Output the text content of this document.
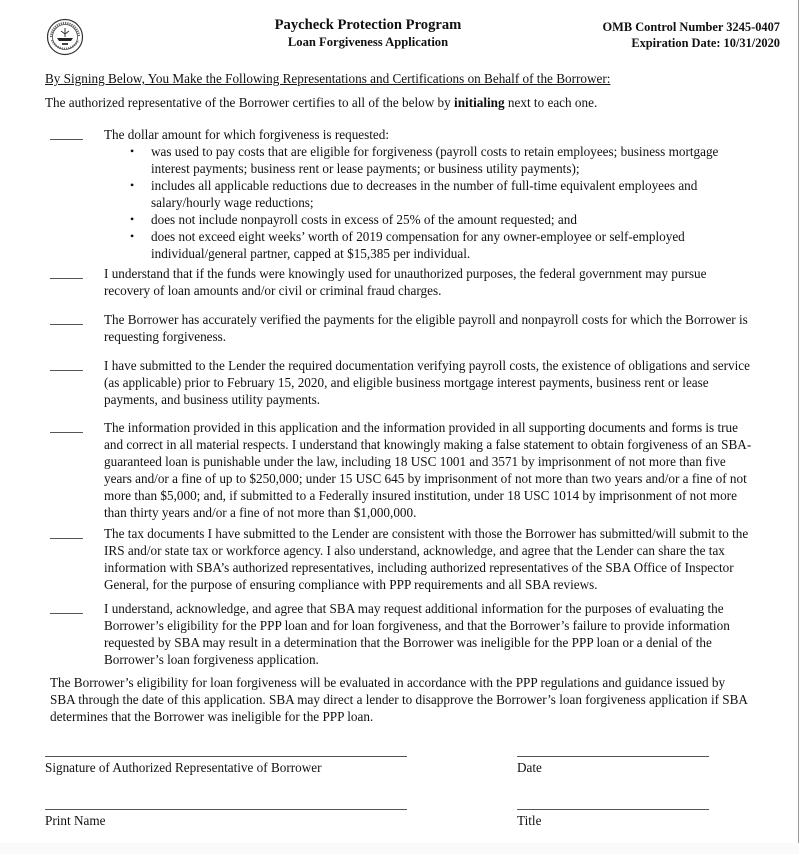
Paycheck Protection Program
Loan Forgiveness Application
OMB Control Number 3245-0407
Expiration Date: 10/31/2020
By Signing Below, You Make the Following Representations and Certifications on Behalf of the Borrower:
The authorized representative of the Borrower certifies to all of the below by initialing next to each one.
The dollar amount for which forgiveness is requested:
• was used to pay costs that are eligible for forgiveness (payroll costs to retain employees; business mortgage interest payments; business rent or lease payments; or business utility payments);
• includes all applicable reductions due to decreases in the number of full-time equivalent employees and salary/hourly wage reductions;
• does not include nonpayroll costs in excess of 25% of the amount requested; and
• does not exceed eight weeks’ worth of 2019 compensation for any owner-employee or self-employed individual/general partner, capped at $15,385 per individual.
I understand that if the funds were knowingly used for unauthorized purposes, the federal government may pursue recovery of loan amounts and/or civil or criminal fraud charges.
The Borrower has accurately verified the payments for the eligible payroll and nonpayroll costs for which the Borrower is requesting forgiveness.
I have submitted to the Lender the required documentation verifying payroll costs, the existence of obligations and service (as applicable) prior to February 15, 2020, and eligible business mortgage interest payments, business rent or lease payments, and business utility payments.
The information provided in this application and the information provided in all supporting documents and forms is true and correct in all material respects. I understand that knowingly making a false statement to obtain forgiveness of an SBA-guaranteed loan is punishable under the law, including 18 USC 1001 and 3571 by imprisonment of not more than five years and/or a fine of up to $250,000; under 15 USC 645 by imprisonment of not more than two years and/or a fine of not more than $5,000; and, if submitted to a Federally insured institution, under 18 USC 1014 by imprisonment of not more than thirty years and/or a fine of not more than $1,000,000.
The tax documents I have submitted to the Lender are consistent with those the Borrower has submitted/will submit to the IRS and/or state tax or workforce agency. I also understand, acknowledge, and agree that the Lender can share the tax information with SBA’s authorized representatives, including authorized representatives of the SBA Office of Inspector General, for the purpose of ensuring compliance with PPP requirements and all SBA reviews.
I understand, acknowledge, and agree that SBA may request additional information for the purposes of evaluating the Borrower’s eligibility for the PPP loan and for loan forgiveness, and that the Borrower’s failure to provide information requested by SBA may result in a determination that the Borrower was ineligible for the PPP loan or a denial of the Borrower’s loan forgiveness application.
The Borrower’s eligibility for loan forgiveness will be evaluated in accordance with the PPP regulations and guidance issued by SBA through the date of this application. SBA may direct a lender to disapprove the Borrower’s loan forgiveness application if SBA determines that the Borrower was ineligible for the PPP loan.
Signature of Authorized Representative of Borrower	Date
Print Name	Title
